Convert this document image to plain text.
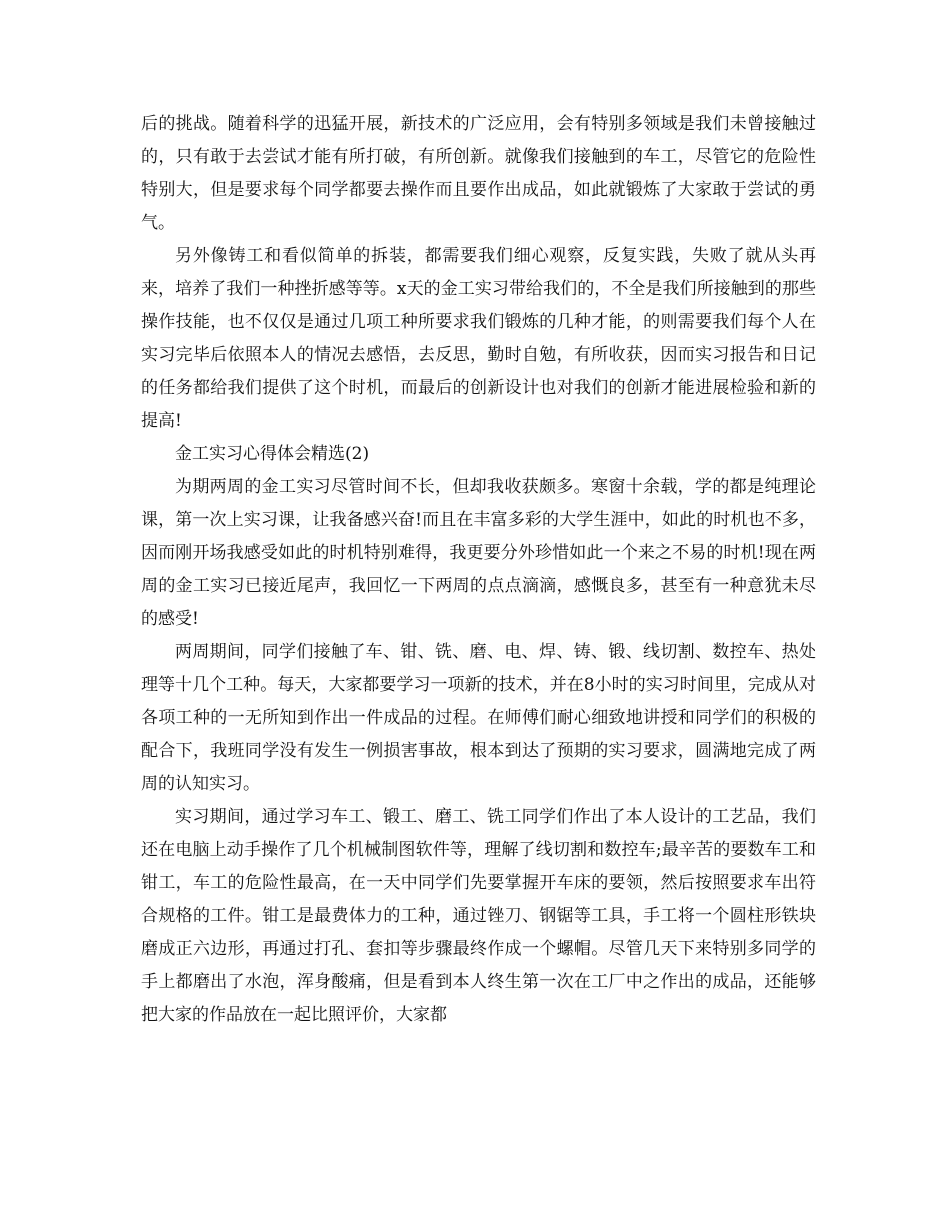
后的挑战。随着科学的迅猛开展，新技术的广泛应用，会有特别多领域是我们未曾接触过的，只有敢于去尝试才能有所打破，有所创新。就像我们接触到的车工，尽管它的危险性特别大，但是要求每个同学都要去操作而且要作出成品，如此就锻炼了大家敢于尝试的勇气。

另外像铸工和看似简单的拆装，都需要我们细心观察，反复实践，失败了就从头再来，培养了我们一种挫折感等等。x天的金工实习带给我们的，不全是我们所接触到的那些操作技能，也不仅仅是通过几项工种所要求我们锻炼的几种才能，的则需要我们每个人在实习完毕后依照本人的情况去感悟，去反思，勤时自勉，有所收获，因而实习报告和日记的任务都给我们提供了这个时机，而最后的创新设计也对我们的创新才能进展检验和新的提高!

金工实习心得体会精选(2)

为期两周的金工实习尽管时间不长，但却我收获颇多。寒窗十余载，学的都是纯理论课，第一次上实习课，让我备感兴奋!而且在丰富多彩的大学生涯中，如此的时机也不多，因而刚开场我感受如此的时机特别难得，我更要分外珍惜如此一个来之不易的时机!现在两周的金工实习已接近尾声，我回忆一下两周的点点滴滴，感慨良多，甚至有一种意犹未尽的感受!

两周期间，同学们接触了车、钳、铣、磨、电、焊、铸、锻、线切割、数控车、热处理等十几个工种。每天，大家都要学习一项新的技术，并在8小时的实习时间里，完成从对各项工种的一无所知到作出一件成品的过程。在师傅们耐心细致地讲授和同学们的积极的配合下，我班同学没有发生一例损害事故，根本到达了预期的实习要求，圆满地完成了两周的认知实习。

实习期间，通过学习车工、锻工、磨工、铣工同学们作出了本人设计的工艺品，我们还在电脑上动手操作了几个机械制图软件等，理解了线切割和数控车;最辛苦的要数车工和钳工，车工的危险性最高，在一天中同学们先要掌握开车床的要领，然后按照要求车出符合规格的工件。钳工是最费体力的工种，通过锉刀、钢锯等工具，手工将一个圆柱形铁块磨成正六边形，再通过打孔、套扣等步骤最终作成一个螺帽。尽管几天下来特别多同学的手上都磨出了水泡，浑身酸痛，但是看到本人终生第一次在工厂中之作出的成品，还能够把大家的作品放在一起比照评价，大家都
